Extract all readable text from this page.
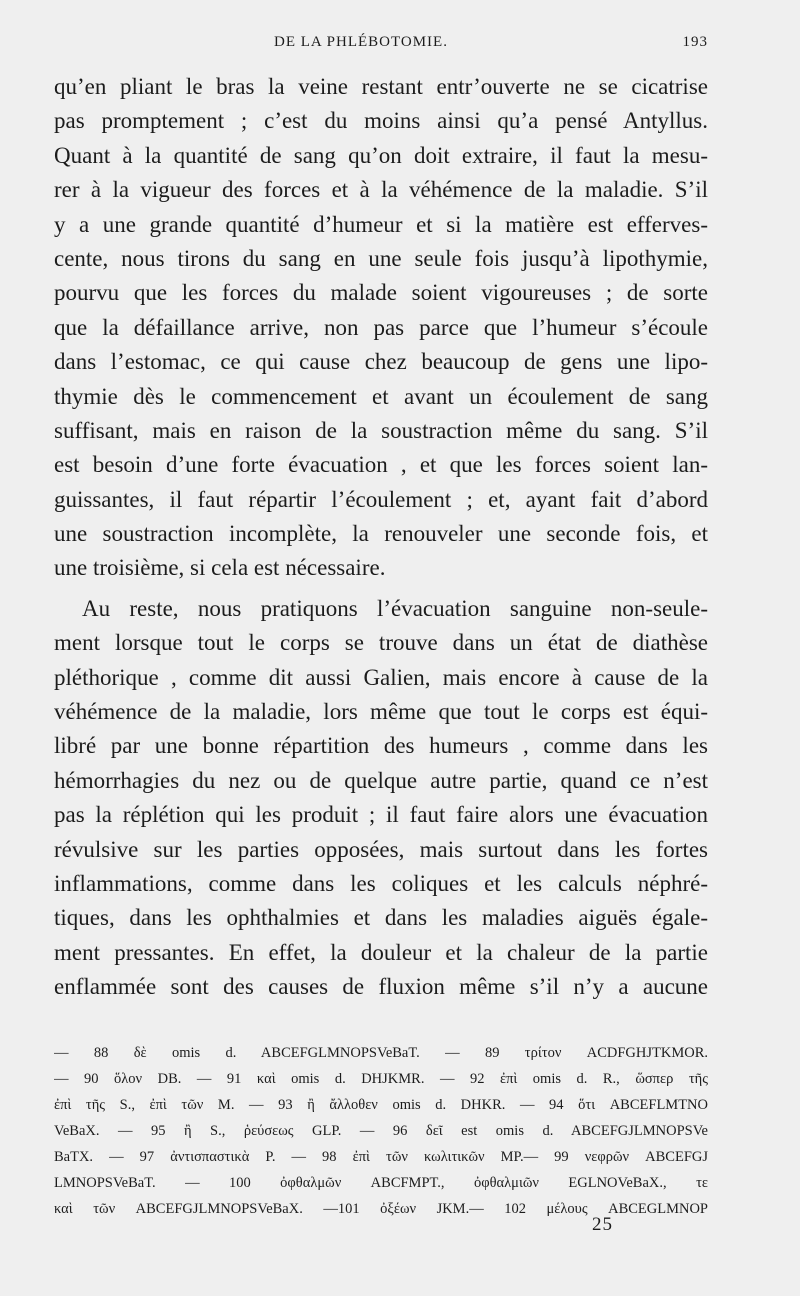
DE LA PHLÉBOTOMIE.	193
qu’en pliant le bras la veine restant entr’ouverte ne se cicatrise
pas promptement ; c’est du moins ainsi qu’a pensé Antyllus.
Quant à la quantité de sang qu’on doit extraire, il faut la mesu-
rer à la vigueur des forces et à la véhémence de la maladie. S’il
y a une grande quantité d’humeur et si la matière est efferves-
cente, nous tirons du sang en une seule fois jusqu’à lipothymie,
pourvu que les forces du malade soient vigoureuses ; de sorte
que la défaillance arrive, non pas parce que l’humeur s’écoule
dans l’estomac, ce qui cause chez beaucoup de gens une lipo-
thymie dès le commencement et avant un écoulement de sang
suffisant, mais en raison de la soustraction même du sang. S’il
est besoin d’une forte évacuation , et que les forces soient lan-
guissantes, il faut répartir l’écoulement ; et, ayant fait d’abord
une soustraction incomplète, la renouveler une seconde fois, et
une troisième, si cela est nécessaire.
Au reste, nous pratiquons l’évacuation sanguine non-seule-
ment lorsque tout le corps se trouve dans un état de diathèse
pléthorique , comme dit aussi Galien, mais encore à cause de la
véhémence de la maladie, lors même que tout le corps est équi-
libré par une bonne répartition des humeurs , comme dans les
hémorrhagies du nez ou de quelque autre partie, quand ce n’est
pas la réplétion qui les produit ; il faut faire alors une évacuation
révulsive sur les parties opposées, mais surtout dans les fortes
inflammations, comme dans les coliques et les calculs néphré-
tiques, dans les ophthalmies et dans les maladies aiguës égale-
ment pressantes. En effet, la douleur et la chaleur de la partie
enflammée sont des causes de fluxion même s’il n’y a aucune
— 88 δὲ omis d. ABCEFGLMNOPSVeBaT. — 89 τρίτον ACDFGHJTKMOR.
— 90 ὅλον DB. — 91 καὶ omis d. DHJKMR. — 92 ἐπὶ omis d. R., ὥσπερ τῆς
ἐπὶ τῆς S., ἐπὶ τῶν M. — 93 ἢ ἄλλοθεν omis d. DHKR. — 94 ὅτι ABCEFLMTNO
VeBaX. — 95 ἢ S., ῥεύσεως GLP. — 96 δεῖ est omis d. ABCEFGJLMNOPSVe
BaTX. — 97 ἀντισπαστικὰ P. — 98 ἐπὶ τῶν κωλιτικῶν MP.— 99 νεφρῶν ABCEFGJ
LMNOPSVeBaT. — 100 ὀφθαλμῶν ABCFMPT., ὀφθαλμιῶν EGLNOVeBaX., τε
καὶ τῶν ABCEFGJLMNOPSVeBaX. —101 ὀξέων JKM.— 102 μέλους ABCEGLMNOP
25
